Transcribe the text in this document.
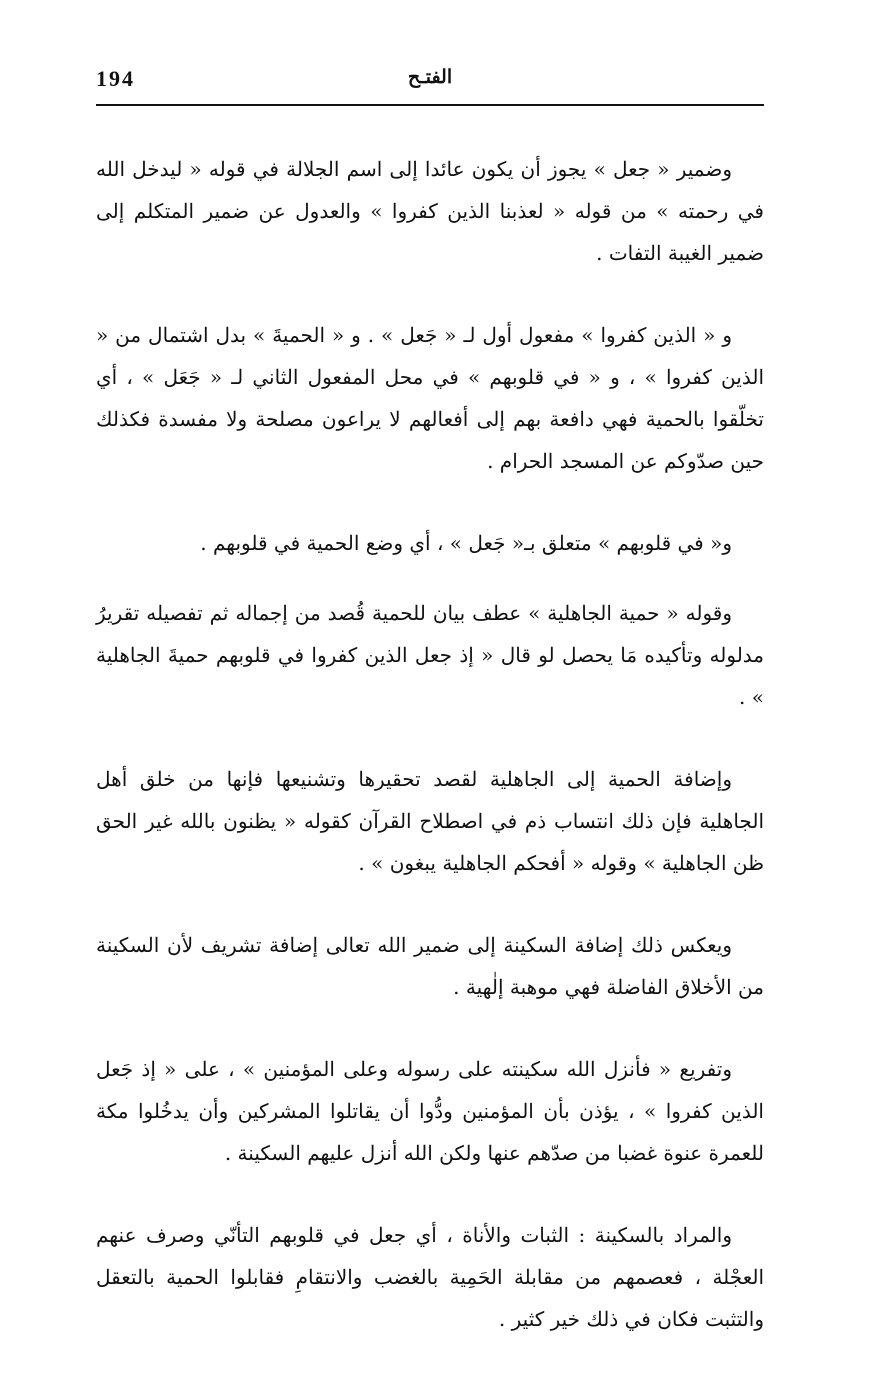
194	الفتـح

وضمير « جعل » يجوز أن يكون عائدا إلى اسم الجلالة في قوله « ليدخل الله في رحمته » من قوله « لعذبنا الذين كفروا » والعدول عن ضمير المتكلم إلى ضمير الغيبة التفات .

و « الذين كفروا » مفعول أول لـ « جَعل » . و « الحميةَ » بدل اشتمال من « الذين كفروا » ، و « في قلوبهم » في محل المفعول الثاني لـ « جَعَل » ، أي تخلّقوا بالحمية فهي دافعة بهم إلى أفعالهم لا يراعون مصلحة ولا مفسدة فكذلك حين صدّوكم عن المسجد الحرام .

و« في قلوبهم » متعلق بـ« جَعل » ، أي وضع الحمية في قلوبهم .

وقوله « حمية الجاهلية » عطف بيان للحمية قُصد من إجماله ثم تفصيله تقريرُ مدلوله وتأكيده مَا يحصل لو قال « إذ جعل الذين كفروا في قلوبهم حميةَ الجاهلية » .

وإضافة الحمية إلى الجاهلية لقصد تحقيرها وتشنيعها فإنها من خلق أهل الجاهلية فإن ذلك انتساب ذم في اصطلاح القرآن كقوله « يظنون بالله غير الحق ظن الجاهلية » وقوله « أفحكم الجاهلية يبغون » .

ويعكس ذلك إضافة السكينة إلى ضمير الله تعالى إضافة تشريف لأن السكينة من الأخلاق الفاضلة فهي موهبة إلٰهية .

وتفريع « فأنزل الله سكينته على رسوله وعلى المؤمنين » ، على « إذ جَعل الذين كفروا » ، يؤذن بأن المؤمنين ودُّوا أن يقاتلوا المشركين وأن يدخُلوا مكة للعمرة عنوة غضبا من صدّهم عنها ولكن الله أنزل عليهم السكينة .

والمراد بالسكينة : الثبات والأناة ، أي جعل في قلوبهم التأنّي وصرف عنهم العجْلة ، فعصمهم من مقابلة الحَمِية بالغضب والانتقامِ فقابلوا الحمية بالتعقل والتثبت فكان في ذلك خير كثير .
